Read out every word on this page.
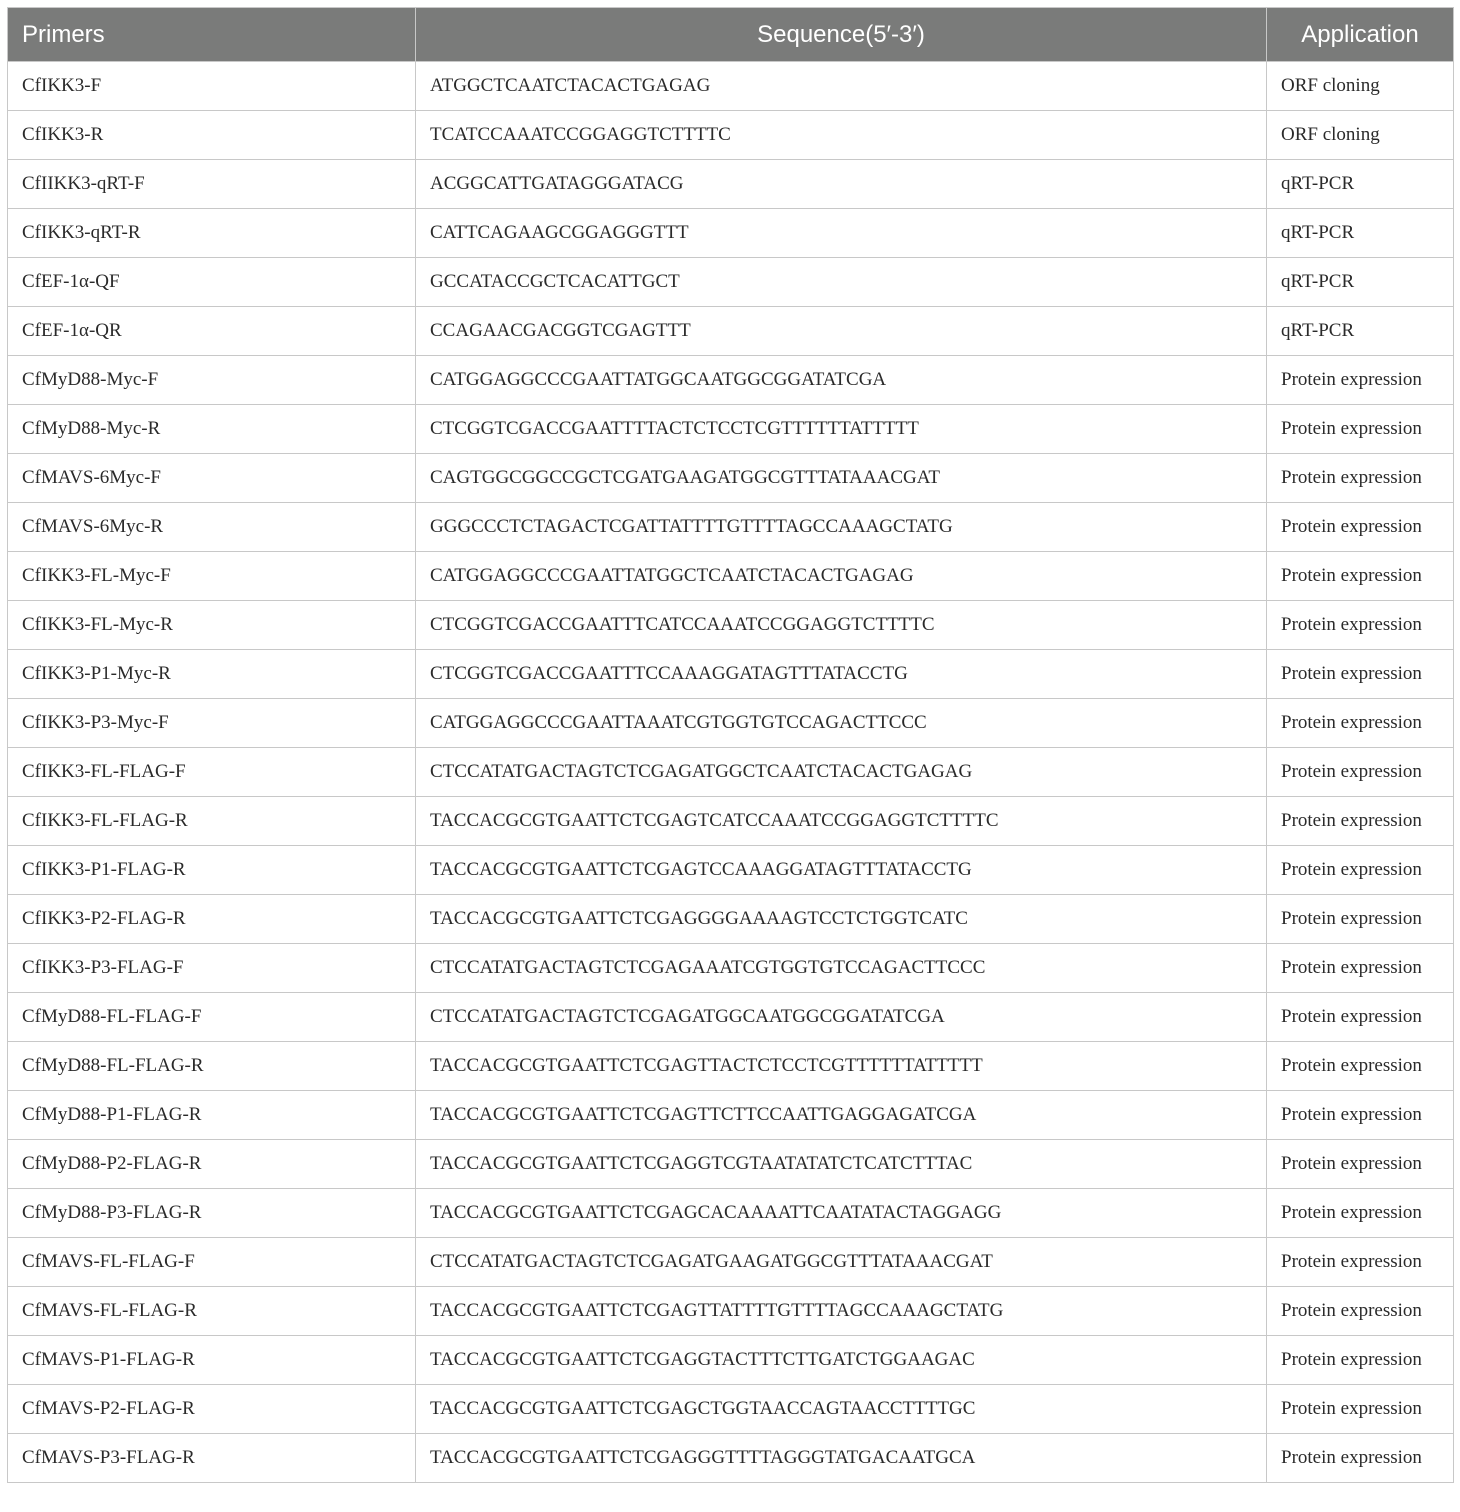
Primers	Sequence(5′-3′)	Application
CfIKK3-F	ATGGCTCAATCTACACTGAGAG	ORF cloning
CfIKK3-R	TCATCCAAATCCGGAGGTCTTTTC	ORF cloning
CfIIKK3-qRT-F	ACGGCATTGATAGGGATACG	qRT-PCR
CfIKK3-qRT-R	CATTCAGAAGCGGAGGGTTT	qRT-PCR
CfEF-1α-QF	GCCATACCGCTCACATTGCT	qRT-PCR
CfEF-1α-QR	CCAGAACGACGGTCGAGTTT	qRT-PCR
CfMyD88-Myc-F	CATGGAGGCCCGAATTATGGCAATGGCGGATATCGA	Protein expression
CfMyD88-Myc-R	CTCGGTCGACCGAATTTTACTCTCCTCGTTTTTTATTTTT	Protein expression
CfMAVS-6Myc-F	CAGTGGCGGCCGCTCGATGAAGATGGCGTTTATAAACGAT	Protein expression
CfMAVS-6Myc-R	GGGCCCTCTAGACTCGATTATTTTGTTTTAGCCAAAGCTATG	Protein expression
CfIKK3-FL-Myc-F	CATGGAGGCCCGAATTATGGCTCAATCTACACTGAGAG	Protein expression
CfIKK3-FL-Myc-R	CTCGGTCGACCGAATTTCATCCAAATCCGGAGGTCTTTTC	Protein expression
CfIKK3-P1-Myc-R	CTCGGTCGACCGAATTTCCAAAGGATAGTTTATACCTG	Protein expression
CfIKK3-P3-Myc-F	CATGGAGGCCCGAATTAAATCGTGGTGTCCAGACTTCCC	Protein expression
CfIKK3-FL-FLAG-F	CTCCATATGACTAGTCTCGAGATGGCTCAATCTACACTGAGAG	Protein expression
CfIKK3-FL-FLAG-R	TACCACGCGTGAATTCTCGAGTCATCCAAATCCGGAGGTCTTTTC	Protein expression
CfIKK3-P1-FLAG-R	TACCACGCGTGAATTCTCGAGTCCAAAGGATAGTTTATACCTG	Protein expression
CfIKK3-P2-FLAG-R	TACCACGCGTGAATTCTCGAGGGGAAAAGTCCTCTGGTCATC	Protein expression
CfIKK3-P3-FLAG-F	CTCCATATGACTAGTCTCGAGAAATCGTGGTGTCCAGACTTCCC	Protein expression
CfMyD88-FL-FLAG-F	CTCCATATGACTAGTCTCGAGATGGCAATGGCGGATATCGA	Protein expression
CfMyD88-FL-FLAG-R	TACCACGCGTGAATTCTCGAGTTACTCTCCTCGTTTTTTATTTTT	Protein expression
CfMyD88-P1-FLAG-R	TACCACGCGTGAATTCTCGAGTTCTTCCAATTGAGGAGATCGA	Protein expression
CfMyD88-P2-FLAG-R	TACCACGCGTGAATTCTCGAGGTCGTAATATATCTCATCTTTAC	Protein expression
CfMyD88-P3-FLAG-R	TACCACGCGTGAATTCTCGAGCACAAAATTCAATATACTAGGAGG	Protein expression
CfMAVS-FL-FLAG-F	CTCCATATGACTAGTCTCGAGATGAAGATGGCGTTTATAAACGAT	Protein expression
CfMAVS-FL-FLAG-R	TACCACGCGTGAATTCTCGAGTTATTTTGTTTTAGCCAAAGCTATG	Protein expression
CfMAVS-P1-FLAG-R	TACCACGCGTGAATTCTCGAGGTACTTTCTTGATCTGGAAGAC	Protein expression
CfMAVS-P2-FLAG-R	TACCACGCGTGAATTCTCGAGCTGGTAACCAGTAACCTTTTGC	Protein expression
CfMAVS-P3-FLAG-R	TACCACGCGTGAATTCTCGAGGGTTTTAGGGTATGACAATGCA	Protein expression
